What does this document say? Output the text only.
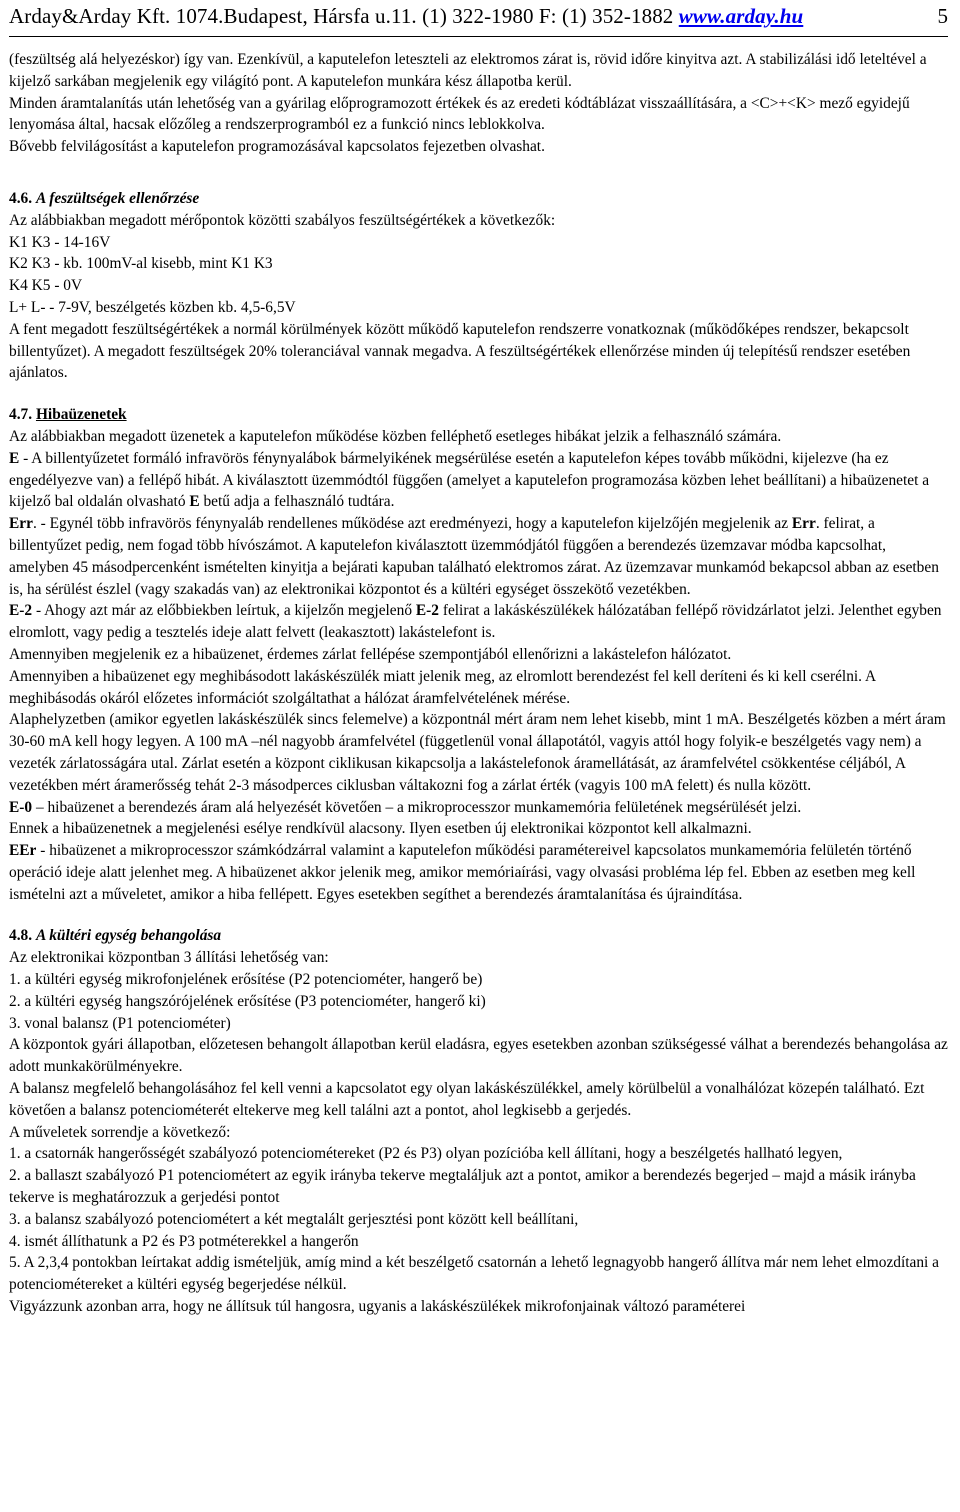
Arday&Arday Kft. 1074.Budapest, Hársfa u.11. (1) 322-1980 F: (1) 352-1882 www.arday.hu	5

(feszültség alá helyezéskor) így van. Ezenkívül, a kaputelefon leteszteli az elektromos zárat is, rövid időre kinyitva azt. A stabilizálási idő leteltével a kijelző sarkában megjelenik egy világító pont. A kaputelefon munkára kész állapotba kerül.

Minden áramtalanítás után lehetőség van a gyárilag előprogramozott értékek és az eredeti kódtáblázat visszaállítására, a <C>+<K> mező egyidejű lenyomása által, hacsak előzőleg a rendszerprogramból ez a funkció nincs leblokkolva.

Bővebb felvilágosítást a kaputelefon programozásával kapcsolatos fejezetben olvashat.

4.6. A feszültségek ellenőrzése

Az alábbiakban megadott mérőpontok közötti szabályos feszültségértékek a következők:

K1 K3 - 14-16V

K2 K3 - kb. 100mV-al kisebb, mint K1 K3

K4 K5 - 0V

L+ L- - 7-9V, beszélgetés közben kb. 4,5-6,5V

A fent megadott feszültségértékek a normál körülmények között működő kaputelefon rendszerre vonatkoznak (működőképes rendszer, bekapcsolt billentyűzet). A megadott feszültségek 20% toleranciával vannak megadva. A feszültségértékek ellenőrzése minden új telepítésű rendszer esetében ajánlatos.

4.7. Hibaüzenetek

Az alábbiakban megadott üzenetek a kaputelefon működése közben felléphető esetleges hibákat jelzik a felhasználó számára.

E - A billentyűzetet formáló infravörös fénynyalábok bármelyikének megsérülése esetén a kaputelefon képes tovább működni, kijelezve (ha ez engedélyezve van) a fellépő hibát. A kiválasztott üzemmódtól függően (amelyet a kaputelefon programozása közben lehet beállítani) a hibaüzenetet a kijelző bal oldalán olvasható E betű adja a felhasználó tudtára.

Err. - Egynél több infravörös fénynyaláb rendellenes működése azt eredményezi, hogy a kaputelefon kijelzőjén megjelenik az Err. felirat, a billentyűzet pedig, nem fogad több hívószámot. A kaputelefon kiválasztott üzemmódjától függően a berendezés üzemzavar módba kapcsolhat, amelyben 45 másodpercenként ismételten kinyitja a bejárati kapuban található elektromos zárat. Az üzemzavar munkamód bekapcsol abban az esetben is, ha sérülést észlel (vagy szakadás van) az elektronikai központot és a kültéri egységet összekötő vezetékben.

E-2 - Ahogy azt már az előbbiekben leírtuk, a kijelzőn megjelenő E-2 felirat a lakáskészülékek hálózatában fellépő rövidzárlatot jelzi. Jelenthet egyben elromlott, vagy pedig a tesztelés ideje alatt felvett (leakasztott) lakástelefont is.

Amennyiben megjelenik ez a hibaüzenet, érdemes zárlat fellépése szempontjából ellenőrizni a lakástelefon hálózatot.

Amennyiben a hibaüzenet egy meghibásodott lakáskészülék miatt jelenik meg, az elromlott berendezést fel kell deríteni és ki kell cserélni. A meghibásodás okáról előzetes információt szolgáltathat a hálózat áramfelvételének mérése.

Alaphelyzetben (amikor egyetlen lakáskészülék sincs felemelve) a központnál mért áram nem lehet kisebb, mint 1 mA. Beszélgetés közben a mért áram 30-60 mA kell hogy legyen. A 100 mA –nél nagyobb áramfelvétel (függetlenül vonal állapotától, vagyis attól hogy folyik-e beszélgetés vagy nem) a vezeték zárlatosságára utal. Zárlat esetén a központ ciklikusan kikapcsolja a lakástelefonok áramellátását, az áramfelvétel csökkentése céljából, A vezetékben mért áramerősség tehát 2-3 másodperces ciklusban váltakozni fog a zárlat érték (vagyis 100 mA felett) és nulla között.

E-0 – hibaüzenet a berendezés áram alá helyezését követően – a mikroprocesszor munkamemória felületének megsérülését jelzi.

Ennek a hibaüzenetnek a megjelenési esélye rendkívül alacsony. Ilyen esetben új elektronikai központot kell alkalmazni.

EEr - hibaüzenet a mikroprocesszor számkódzárral valamint a kaputelefon működési paramétereivel kapcsolatos munkamemória felületén történő operáció ideje alatt jelenhet meg. A hibaüzenet akkor jelenik meg, amikor memóriaírási, vagy olvasási probléma lép fel. Ebben az esetben meg kell ismételni azt a műveletet, amikor a hiba fellépett. Egyes esetekben segíthet a berendezés áramtalanítása és újraindítása.

4.8. A kültéri egység behangolása

Az elektronikai központban 3 állítási lehetőség van:

1. a kültéri egység mikrofonjelének erősítése (P2 potenciométer, hangerő be)

2. a kültéri egység hangszórójelének erősítése (P3 potenciométer, hangerő ki)

3. vonal balansz (P1 potenciométer)

A központok gyári állapotban, előzetesen behangolt állapotban kerül eladásra, egyes esetekben azonban szükségessé válhat a berendezés behangolása az adott munkakörülményekre.

A balansz megfelelő behangolásához fel kell venni a kapcsolatot egy olyan lakáskészülékkel, amely körülbelül a vonalhálózat közepén található. Ezt követően a balansz potenciométerét eltekerve meg kell találni azt a pontot, ahol legkisebb a gerjedés.

A műveletek sorrendje a következő:

1. a csatornák hangerősségét szabályozó potenciométereket (P2 és P3) olyan pozícióba kell állítani, hogy a beszélgetés hallható legyen,

2. a ballaszt szabályozó P1 potenciométert az egyik irányba tekerve megtaláljuk azt a pontot, amikor a berendezés begerjed – majd a másik irányba tekerve is meghatározzuk a gerjedési pontot

3. a balansz szabályozó potenciométert a két megtalált gerjesztési pont között kell beállítani,

4. ismét állíthatunk a P2 és P3 potméterekkel a hangerőn

5. A 2,3,4 pontokban leírtakat addig ismételjük, amíg mind a két beszélgető csatornán a lehető legnagyobb hangerő állítva már nem lehet elmozdítani a potenciométereket a kültéri egység begerjedése nélkül.

Vigyázzunk azonban arra, hogy ne állítsuk túl hangosra, ugyanis a lakáskészülékek mikrofonjainak változó paraméterei
